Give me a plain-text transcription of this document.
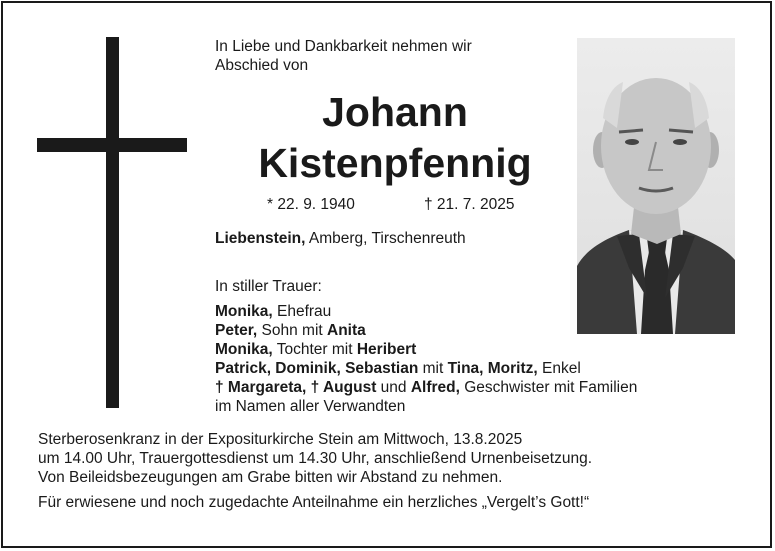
In Liebe und Dankbarkeit nehmen wir
Abschied von
Johann
Kistenpfennig
* 22. 9. 1940	† 21. 7. 2025
Liebenstein, Amberg, Tirschenreuth
In stiller Trauer:
Monika, Ehefrau
Peter, Sohn mit Anita
Monika, Tochter mit Heribert
Patrick, Dominik, Sebastian mit Tina, Moritz, Enkel
† Margareta, † August und Alfred, Geschwister mit Familien
im Namen aller Verwandten
Sterberosenkranz in der Expositurkirche Stein am Mittwoch, 13.8.2025
um 14.00 Uhr, Trauergottesdienst um 14.30 Uhr, anschließend Urnenbeisetzung.
Von Beileidsbezeugungen am Grabe bitten wir Abstand zu nehmen.
Für erwiesene und noch zugedachte Anteilnahme ein herzliches „Vergelt’s Gott!“
